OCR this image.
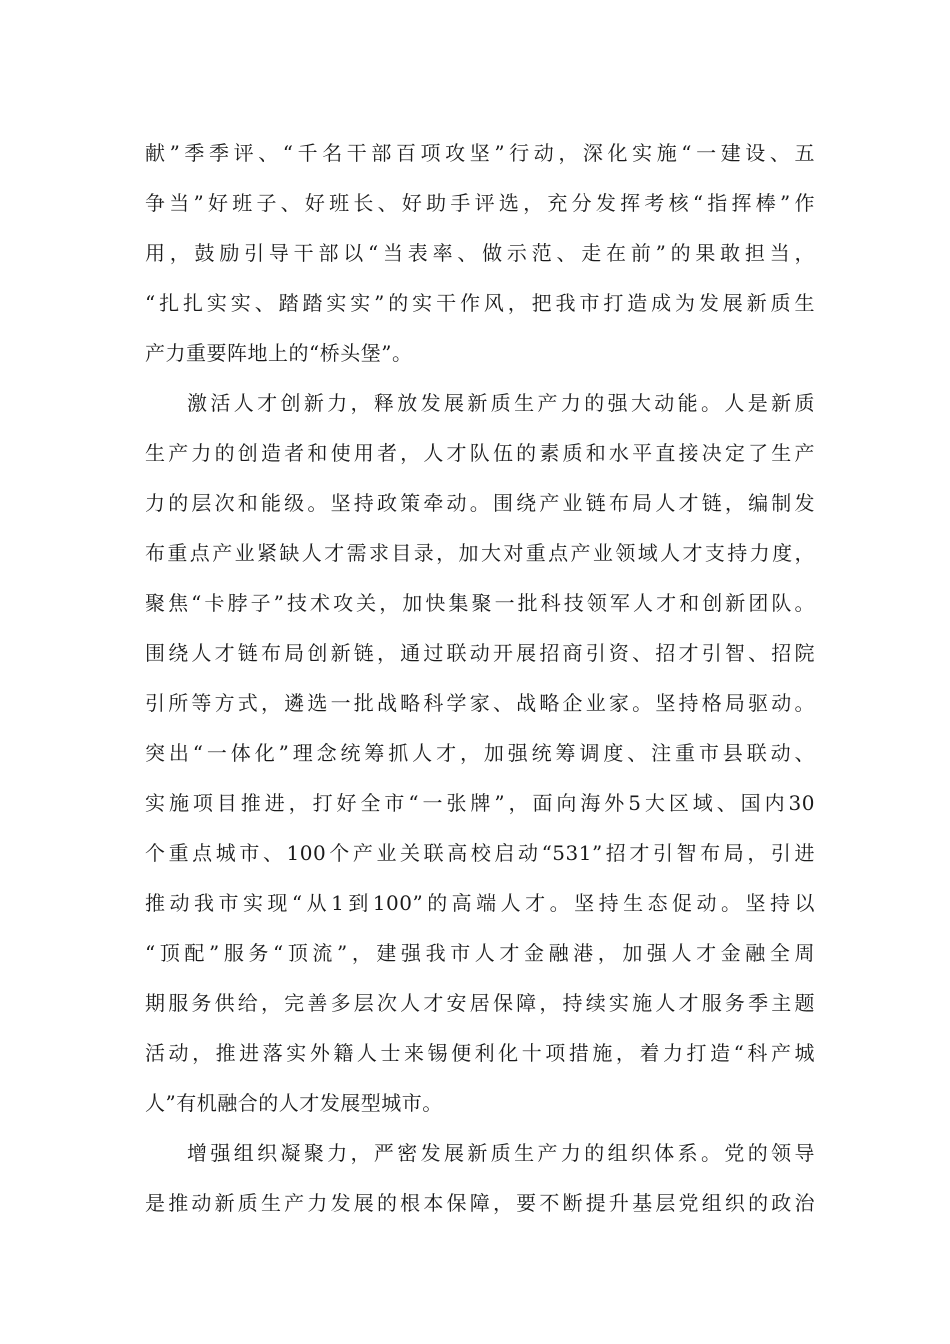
献”季季评、“千名干部百项攻坚”行动，深化实施“一建设、五
争当”好班子、好班长、好助手评选，充分发挥考核“指挥棒”作
用，鼓励引导干部以“当表率、做示范、走在前”的果敢担当，
“扎扎实实、踏踏实实”的实干作风，把我市打造成为发展新质生
产力重要阵地上的“桥头堡”。
激活人才创新力，释放发展新质生产力的强大动能。人是新质
生产力的创造者和使用者，人才队伍的素质和水平直接决定了生产
力的层次和能级。坚持政策牵动。围绕产业链布局人才链，编制发
布重点产业紧缺人才需求目录，加大对重点产业领域人才支持力度，
聚焦“卡脖子”技术攻关，加快集聚一批科技领军人才和创新团队。
围绕人才链布局创新链，通过联动开展招商引资、招才引智、招院
引所等方式，遴选一批战略科学家、战略企业家。坚持格局驱动。
突出“一体化”理念统筹抓人才，加强统筹调度、注重市县联动、
实施项目推进，打好全市“一张牌”，面向海外5大区域、国内30
个重点城市、100个产业关联高校启动“531”招才引智布局，引进
推动我市实现“从1到100”的高端人才。坚持生态促动。坚持以
“顶配”服务“顶流”，建强我市人才金融港，加强人才金融全周
期服务供给，完善多层次人才安居保障，持续实施人才服务季主题
活动，推进落实外籍人士来锡便利化十项措施，着力打造“科产城
人”有机融合的人才发展型城市。
增强组织凝聚力，严密发展新质生产力的组织体系。党的领导
是推动新质生产力发展的根本保障，要不断提升基层党组织的政治
